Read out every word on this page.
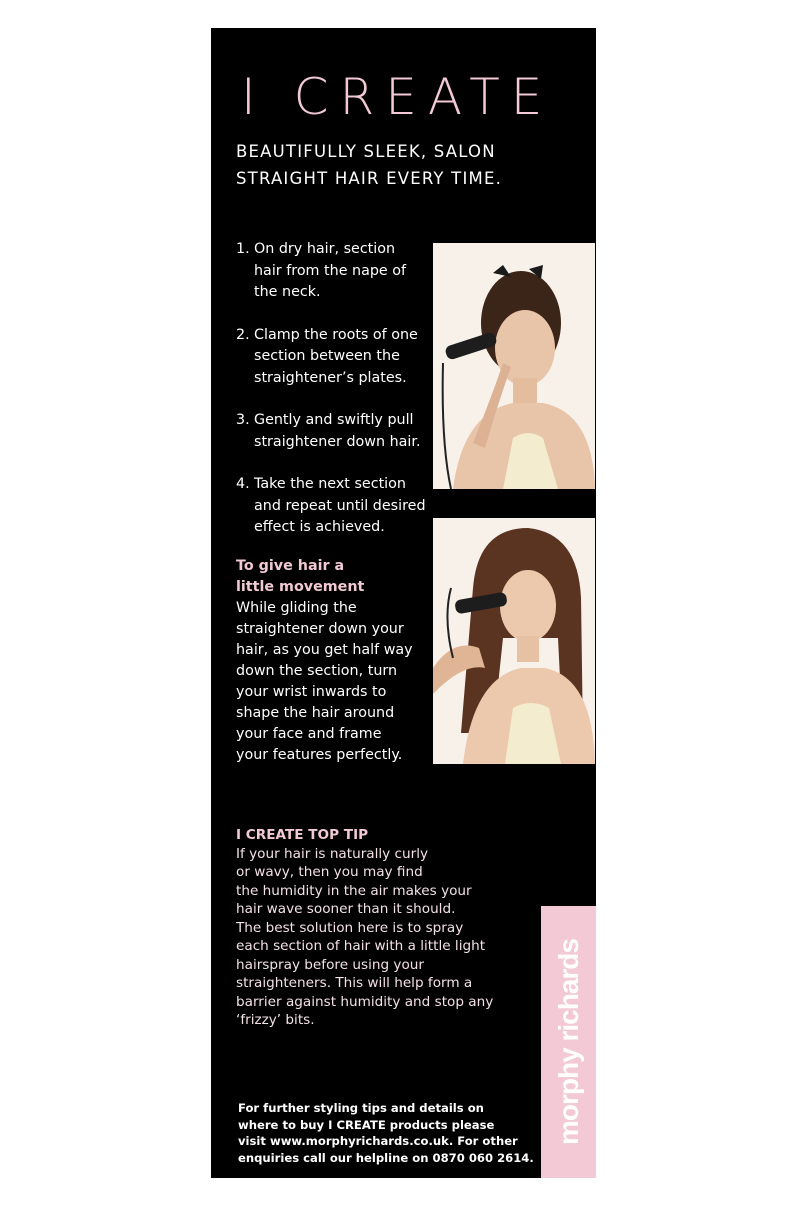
I CREATE
BEAUTIFULLY SLEEK, SALON
STRAIGHT HAIR EVERY TIME.
1. On dry hair, section
hair from the nape of
the neck.
2. Clamp the roots of one
section between the
straightener’s plates.
3. Gently and swiftly pull
straightener down hair.
4. Take the next section
and repeat until desired
effect is achieved.
To give hair a
little movement
While gliding the
straightener down your
hair, as you get half way
down the section, turn
your wrist inwards to
shape the hair around
your face and frame
your features perfectly.
I CREATE TOP TIP
If your hair is naturally curly
or wavy, then you may find
the humidity in the air makes your
hair wave sooner than it should.
The best solution here is to spray
each section of hair with a little light
hairspray before using your
straighteners. This will help form a
barrier against humidity and stop any
‘frizzy’ bits.	morphy richards
For further styling tips and details on
where to buy I CREATE products please
visit www.morphyrichards.co.uk. For other
enquiries call our helpline on 0870 060 2614.
